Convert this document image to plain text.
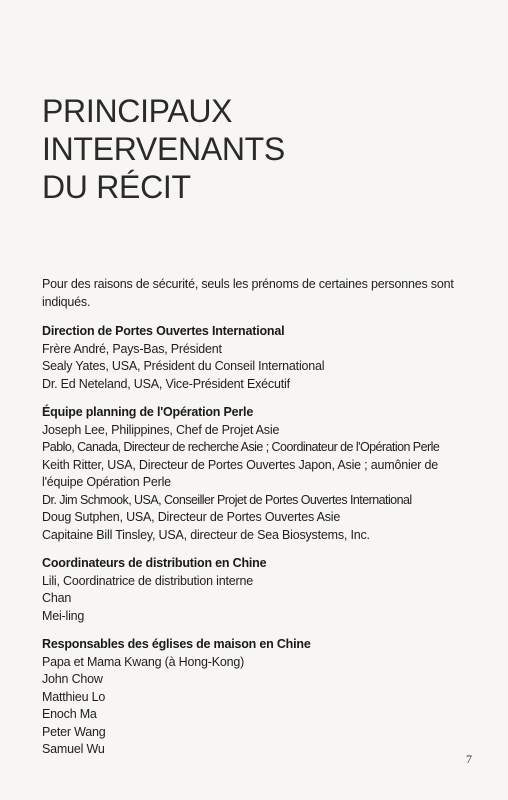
PRINCIPAUX INTERVENANTS
DU RÉCIT

Pour des raisons de sécurité, seuls les prénoms de certaines personnes sont indiqués.

Direction de Portes Ouvertes International

Frère André, Pays-Bas, Président

Sealy Yates, USA, Président du Conseil International

Dr. Ed Neteland, USA, Vice-Président Exécutif

Équipe planning de l'Opération Perle

Joseph Lee, Philippines, Chef de Projet Asie

Pablo, Canada, Directeur de recherche Asie ; Coordinateur de l'Opération Perle

Keith Ritter, USA, Directeur de Portes Ouvertes Japon, Asie ; aumônier de l'équipe Opération Perle

Dr. Jim Schmook, USA, Conseiller Projet de Portes Ouvertes International

Doug Sutphen, USA, Directeur de Portes Ouvertes Asie

Capitaine Bill Tinsley, USA, directeur de Sea Biosystems, Inc.

Coordinateurs de distribution en Chine

Lili, Coordinatrice de distribution interne

Chan

Mei-ling

Responsables des églises de maison en Chine

Papa et Mama Kwang (à Hong-Kong)

John Chow

Matthieu Lo

Enoch Ma

Peter Wang

Samuel Wu

7
